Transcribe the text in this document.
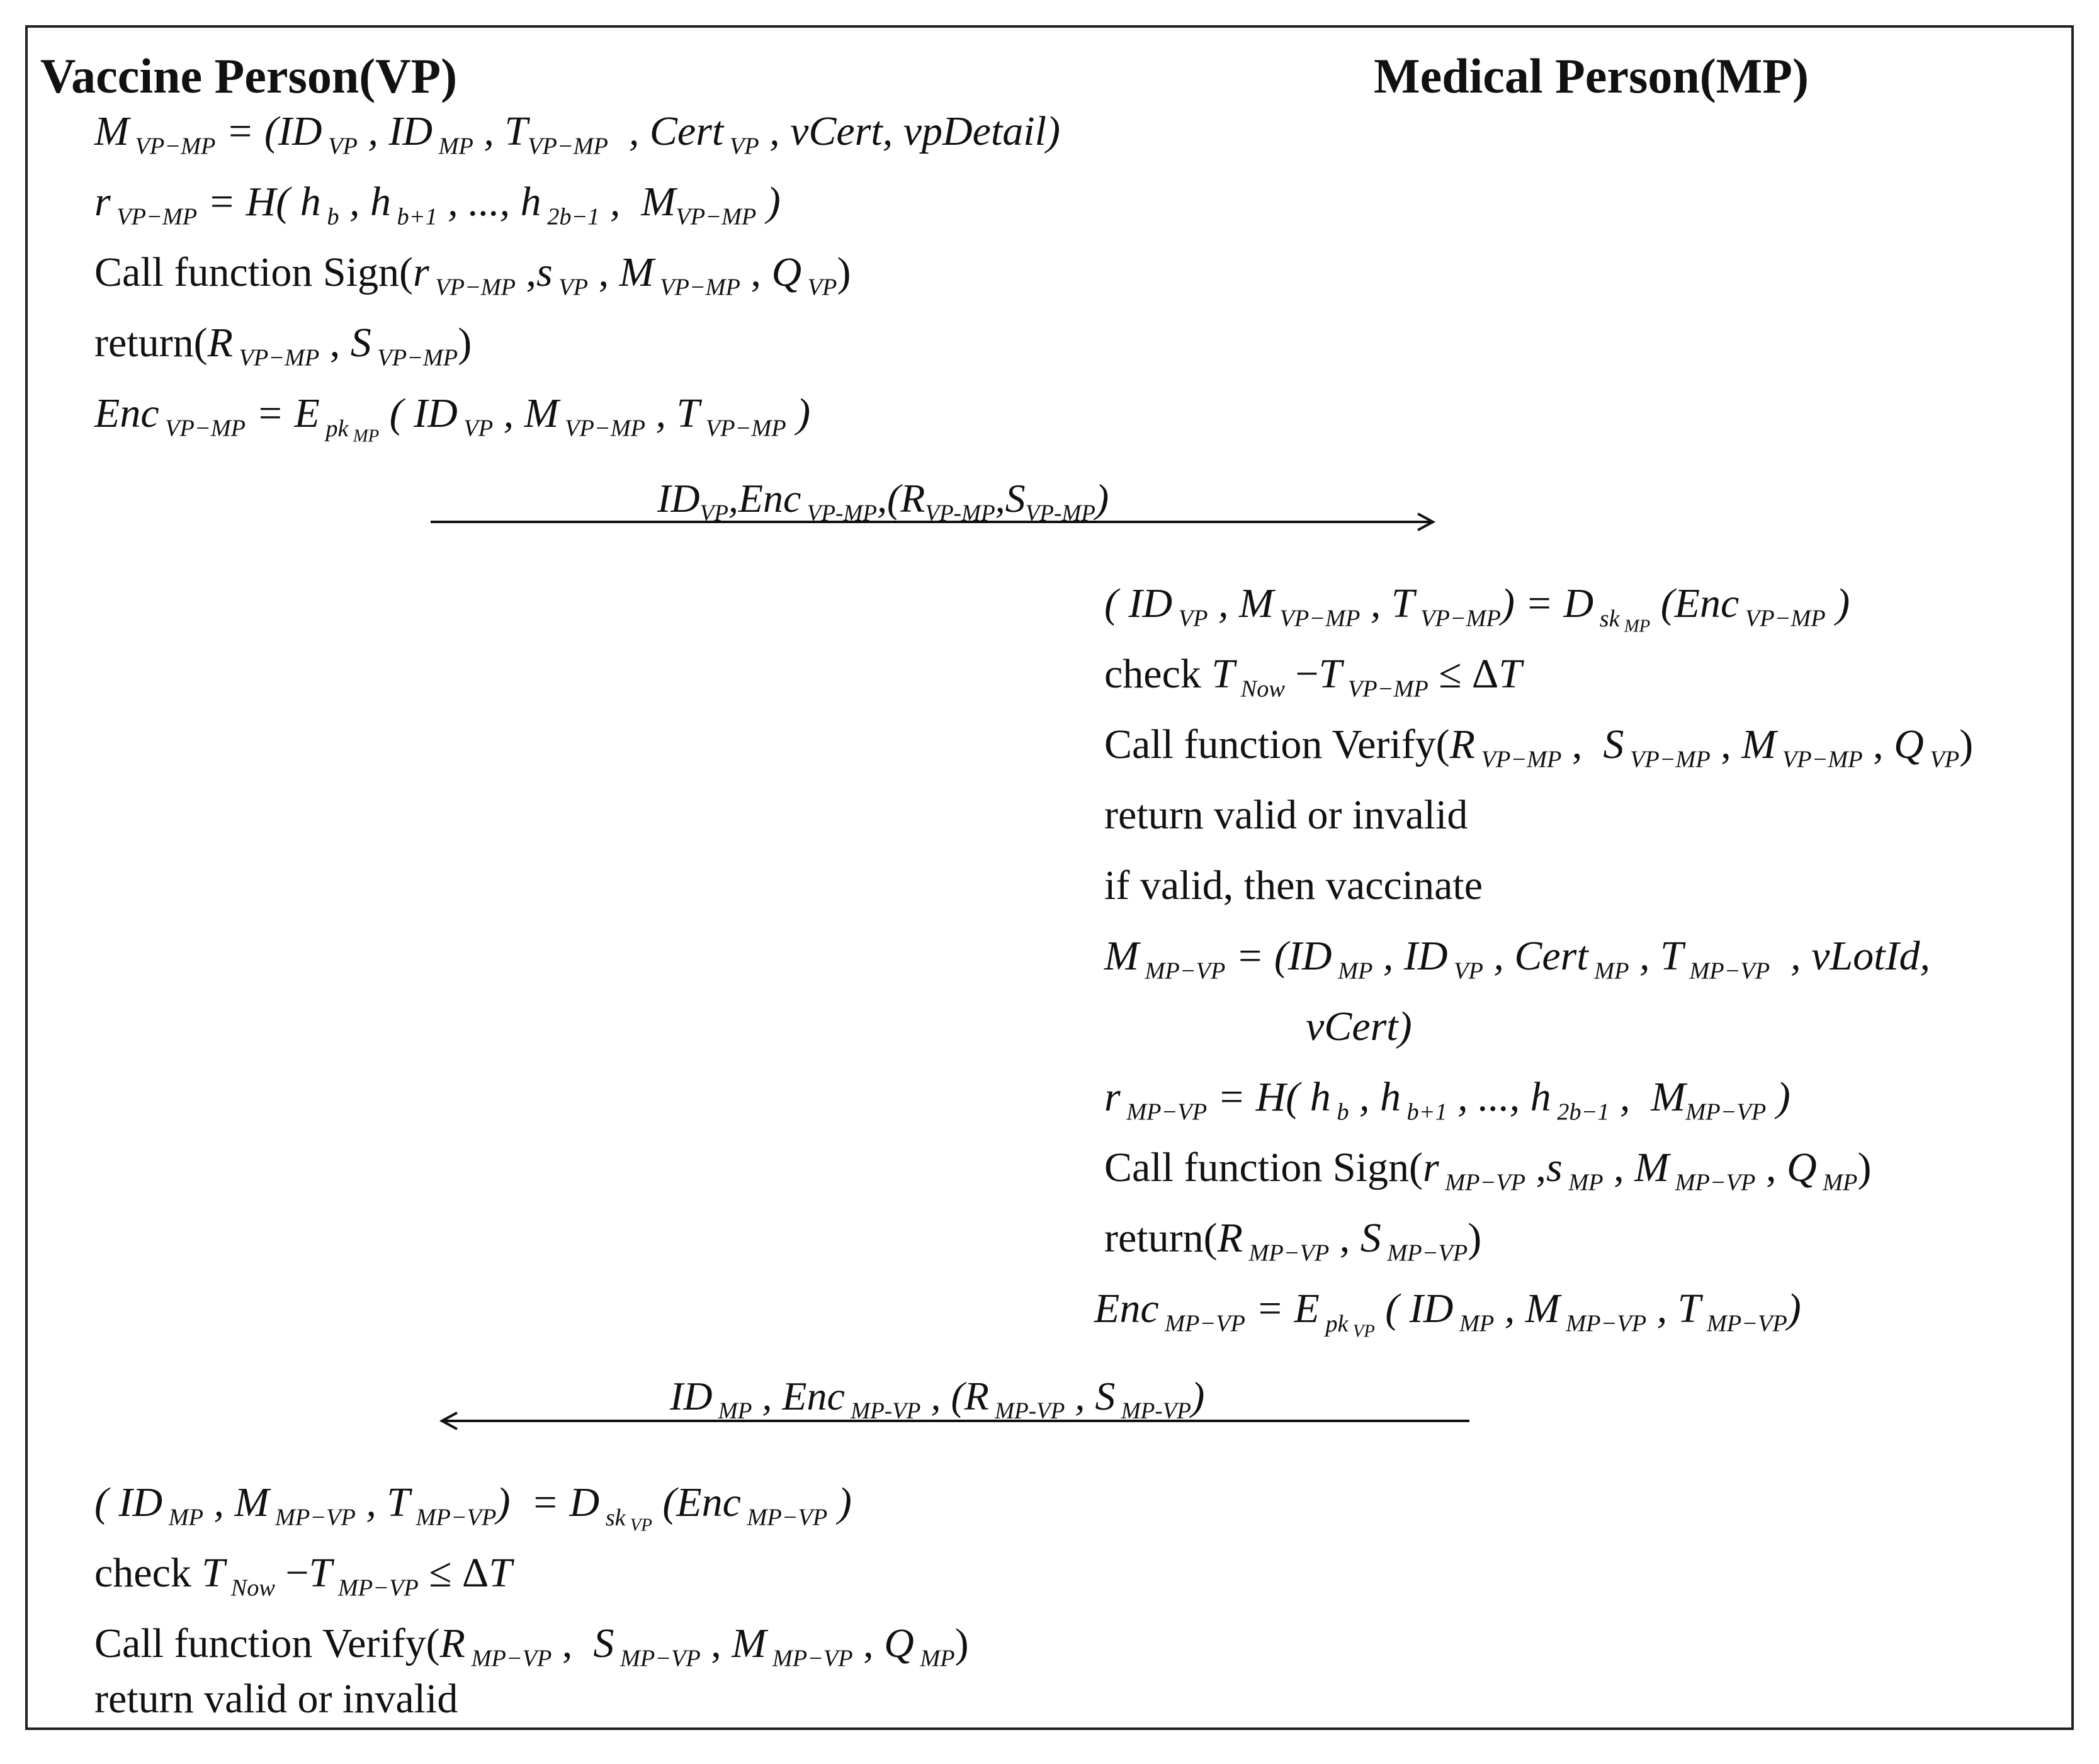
Vaccine Person(VP)	Medical Person(MP)
M $_{VP-MP}$ = (ID $_{VP}$ , ID $_{MP}$ , $T_{VP-MP}$  , Cert $_{VP}$ , vCert, vpDetail)
r $_{VP-MP}$ = H( h $_b$ , h $_{b+1}$ , ..., h $_{2b-1}$ ,  $M_{VP-MP}$ )
Call function Sign(r $_{VP-MP}$ ,s $_{VP}$ , M $_{VP-MP}$ , Q $_{VP}$)
return(R $_{VP-MP}$ , S $_{VP-MP}$)
Enc $_{VP-MP}$ = E $_{pk _{MP}}$ ( ID $_{VP}$ , M $_{VP-MP}$ , T $_{VP-MP}$ )
$ID_{VP},Enc$ $_{VP-MP},(R_{VP-MP},S_{VP-MP})$
( ID $_{VP}$ , M $_{VP-MP}$ , T $_{VP-MP}$) = D $_{sk _{MP}}$ (Enc $_{VP-MP}$ )
check T $_{Now}$ −T $_{VP-MP}$ ≤ ΔT
Call function Verify(R $_{VP-MP}$ ,  S $_{VP-MP}$ , M $_{VP-MP}$ , Q $_{VP}$)
return valid or invalid
if valid, then vaccinate
M $_{MP-VP}$ = (ID $_{MP}$ , ID $_{VP}$ , Cert $_{MP}$ , T $_{MP-VP}$  , vLotId,
vCert)
r $_{MP-VP}$ = H( h $_b$ , h $_{b+1}$ , ..., h $_{2b-1}$ ,  $M_{MP-VP}$ )
Call function Sign(r $_{MP-VP}$ ,s $_{MP}$ , M $_{MP-VP}$ , Q $_{MP}$)
return(R $_{MP-VP}$ , S $_{MP-VP}$)
Enc $_{MP-VP}$ = E $_{pk _{VP}}$ ( ID $_{MP}$ , M $_{MP-VP}$ , T $_{MP-VP}$)
ID $_{MP}$ , Enc $_{MP-VP}$ , (R $_{MP-VP}$ , S $_{MP-VP}$)
( ID $_{MP}$ , M $_{MP-VP}$ , T $_{MP-VP}$)  = D $_{sk _{VP}}$ (Enc $_{MP-VP}$ )
check T $_{Now}$ −T $_{MP-VP}$ ≤ ΔT
Call function Verify(R $_{MP-VP}$ ,  S $_{MP-VP}$ , M $_{MP-VP}$ , Q $_{MP}$)
return valid or invalid
